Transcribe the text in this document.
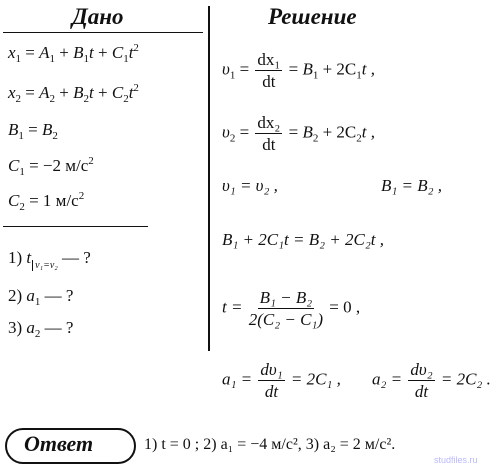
Дано	Решение
$x_1 = A_1 + B_1t + C_1t^2$
$x_2 = A_2 + B_2t + C_2t^2$
$B_1 = B_2$
$C_1 = -2$ $м/с^2$
$C_2 = 1$ $м/с^2$
1) t $_{v_1=v_2}$ — ?
2) $a_1$ — ?
3) $a_2$ — ?
$\upsilon_1 = \frac{\text{dx₁}}{dt} = B_1 + 2C_1t$ ,
$\upsilon_2 = \frac{\text{dx₂}}{dt} = B_2 + 2C_2t$ ,
υ₁ = υ₂ ,	B₁ = B₂ ,
B₁ + 2C₁t = B₂ + 2C₂t ,
$t = \frac{\text{B₁ − B₂}}{\text{2(C₂ − C₁)}} = 0$ ,
$a_1 = \frac{\text{dυ₁}}{dt} = 2C_1$ , $a_2 = \frac{\text{dυ₂}}{dt} = 2C_2$ .
Ответ	1) t = 0 ; 2) a₁ = −4 м/с², 3) a₂ = 2 м/с².
studfiles.ru
